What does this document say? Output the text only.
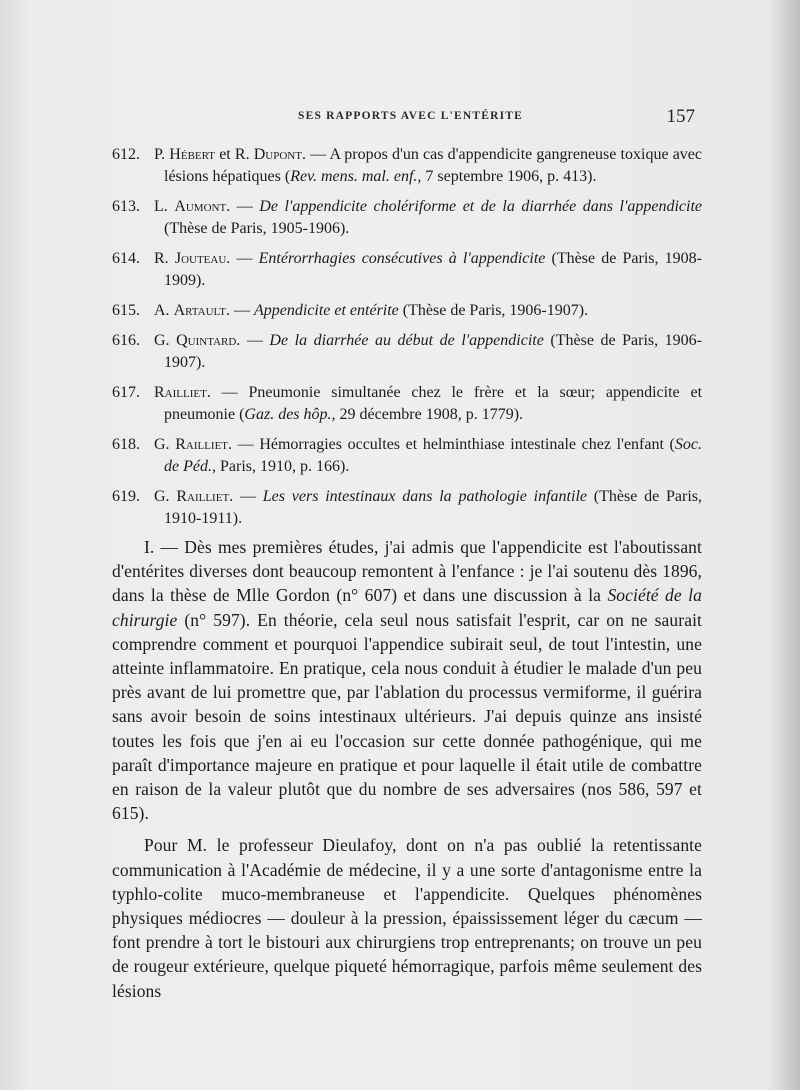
SES RAPPORTS AVEC L'ENTÉRITE	157
612. P. Hébert et R. Dupont. — A propos d'un cas d'appendicite gangreneuse toxique avec lésions hépatiques (Rev. mens. mal. enf., 7 septembre 1906, p. 413).
613. L. Aumont. — De l'appendicite cholériforme et de la diarrhée dans l'appendicite (Thèse de Paris, 1905-1906).
614. R. Jouteau. — Entérorrhagies consécutives à l'appendicite (Thèse de Paris, 1908-1909).
615. A. Artault. — Appendicite et entérite (Thèse de Paris, 1906-1907).
616. G. Quintard. — De la diarrhée au début de l'appendicite (Thèse de Paris, 1906-1907).
617. Railliet. — Pneumonie simultanée chez le frère et la sœur; appendicite et pneumonie (Gaz. des hôp., 29 décembre 1908, p. 1779).
618. G. Railliet. — Hémorragies occultes et helminthiase intestinale chez l'enfant (Soc. de Péd., Paris, 1910, p. 166).
619. G. Railliet. — Les vers intestinaux dans la pathologie infantile (Thèse de Paris, 1910-1911).

I. — Dès mes premières études, j'ai admis que l'appendicite est l'aboutissant d'entérites diverses dont beaucoup remontent à l'enfance : je l'ai soutenu dès 1896, dans la thèse de Mlle Gordon (n° 607) et dans une discussion à la Société de la chirurgie (n° 597). En théorie, cela seul nous satisfait l'esprit, car on ne saurait comprendre comment et pourquoi l'appendice subirait seul, de tout l'intestin, une atteinte inflammatoire. En pratique, cela nous conduit à étudier le malade d'un peu près avant de lui promettre que, par l'ablation du processus vermiforme, il guérira sans avoir besoin de soins intestinaux ultérieurs. J'ai depuis quinze ans insisté toutes les fois que j'en ai eu l'occasion sur cette donnée pathogénique, qui me paraît d'importance majeure en pratique et pour laquelle il était utile de combattre en raison de la valeur plutôt que du nombre de ses adversaires (nos 586, 597 et 615).

Pour M. le professeur Dieulafoy, dont on n'a pas oublié la retentissante communication à l'Académie de médecine, il y a une sorte d'antagonisme entre la typhlo-colite muco-membraneuse et l'appendicite. Quelques phénomènes physiques médiocres — douleur à la pression, épaississement léger du cæcum — font prendre à tort le bistouri aux chirurgiens trop entreprenants; on trouve un peu de rougeur extérieure, quelque piqueté hémorragique, parfois même seulement des lésions
